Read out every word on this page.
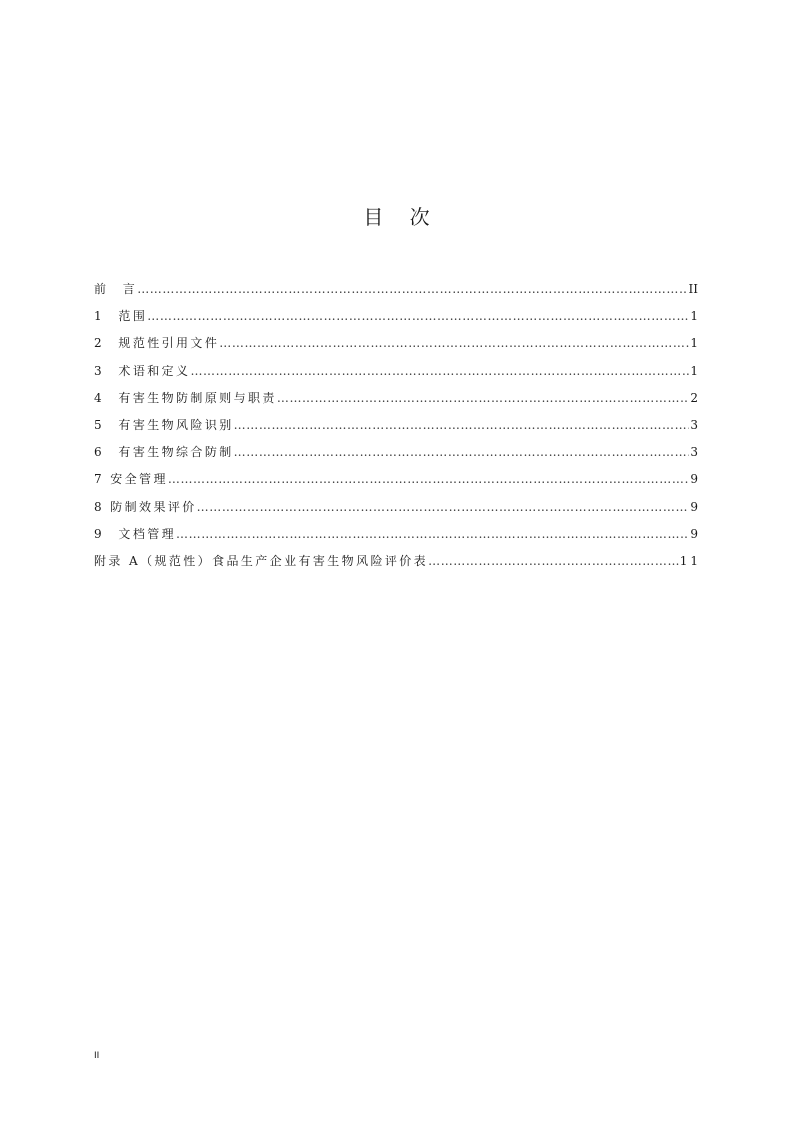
目 次
前　言 ………………………………………………………………………………………………………………………………………………………………	II
1　范围 ………………………………………………………………………………………………………………………………………………………………	1
2　规范性引用文件 ………………………………………………………………………………………………………………………………………………………………	1
3　术语和定义 ………………………………………………………………………………………………………………………………………………………………	1
4　有害生物防制原则与职责 ………………………………………………………………………………………………………………………………………………………………	2
5　有害生物风险识别 ………………………………………………………………………………………………………………………………………………………………	3
6　有害生物综合防制 ………………………………………………………………………………………………………………………………………………………………	3
7 安全管理 ………………………………………………………………………………………………………………………………………………………………	9
8 防制效果评价 ………………………………………………………………………………………………………………………………………………………………	9
9　文档管理 ………………………………………………………………………………………………………………………………………………………………	9
附录 A（规范性）食品生产企业有害生物风险评价表 ………………………………………………………………………………………………………………………………………………………………	11
II
